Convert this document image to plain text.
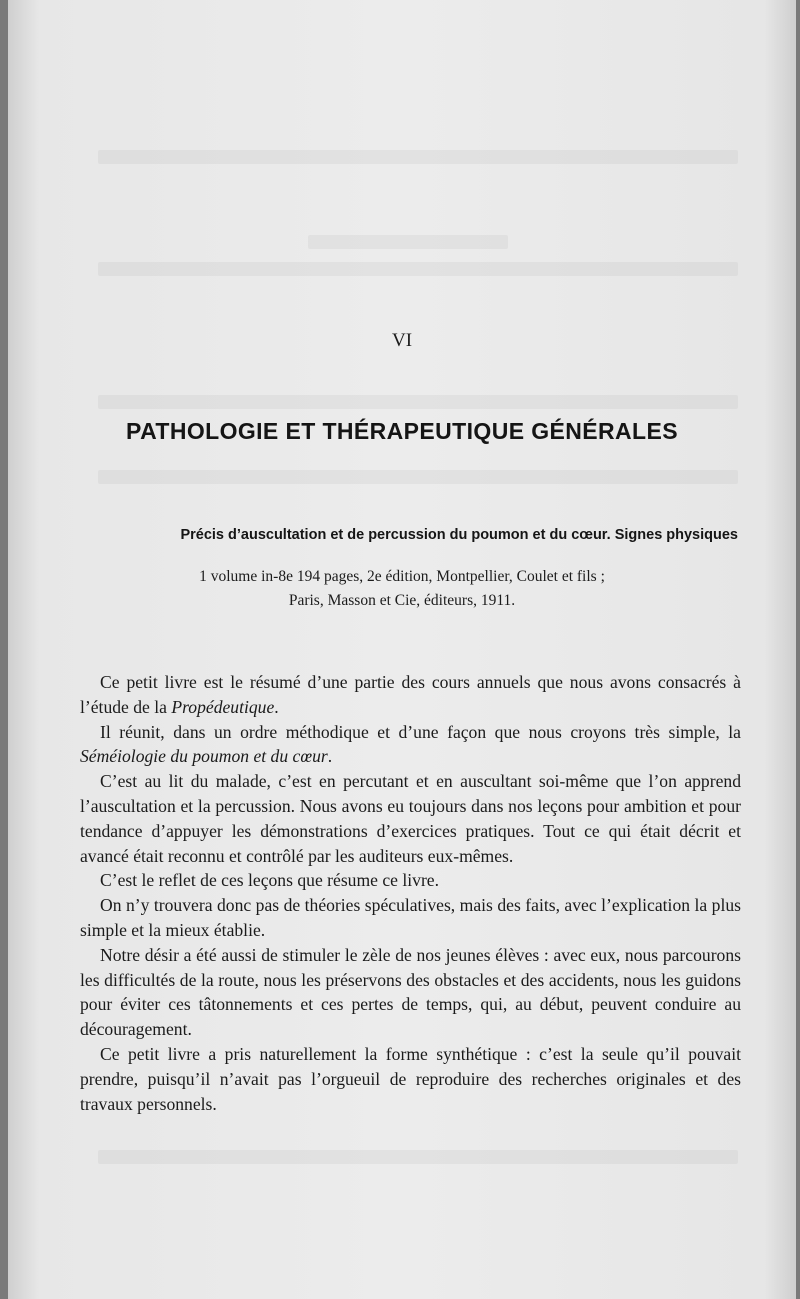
VI
PATHOLOGIE ET THÉRAPEUTIQUE GÉNÉRALES
Précis d’auscultation et de percussion du poumon et du cœur. Signes physiques
1 volume in-8e 194 pages, 2e édition, Montpellier, Coulet et fils ;
Paris, Masson et Cie, éditeurs, 1911.

Ce petit livre est le résumé d’une partie des cours annuels que nous avons consacrés à l’étude de la Propédeutique.

Il réunit, dans un ordre méthodique et d’une façon que nous croyons très simple, la Séméiologie du poumon et du cœur.

C’est au lit du malade, c’est en percutant et en auscultant soi-même que l’on apprend l’auscultation et la percussion. Nous avons eu toujours dans nos leçons pour ambition et pour tendance d’appuyer les démonstrations d’exercices pratiques. Tout ce qui était décrit et avancé était reconnu et contrôlé par les auditeurs eux-mêmes.

C’est le reflet de ces leçons que résume ce livre.

On n’y trouvera donc pas de théories spéculatives, mais des faits, avec l’explication la plus simple et la mieux établie.

Notre désir a été aussi de stimuler le zèle de nos jeunes élèves : avec eux, nous parcourons les difficultés de la route, nous les préservons des obstacles et des accidents, nous les guidons pour éviter ces tâtonnements et ces pertes de temps, qui, au début, peuvent conduire au découragement.

Ce petit livre a pris naturellement la forme synthétique : c’est la seule qu’il pouvait prendre, puisqu’il n’avait pas l’orgueuil de reproduire des recherches originales et des travaux personnels.
